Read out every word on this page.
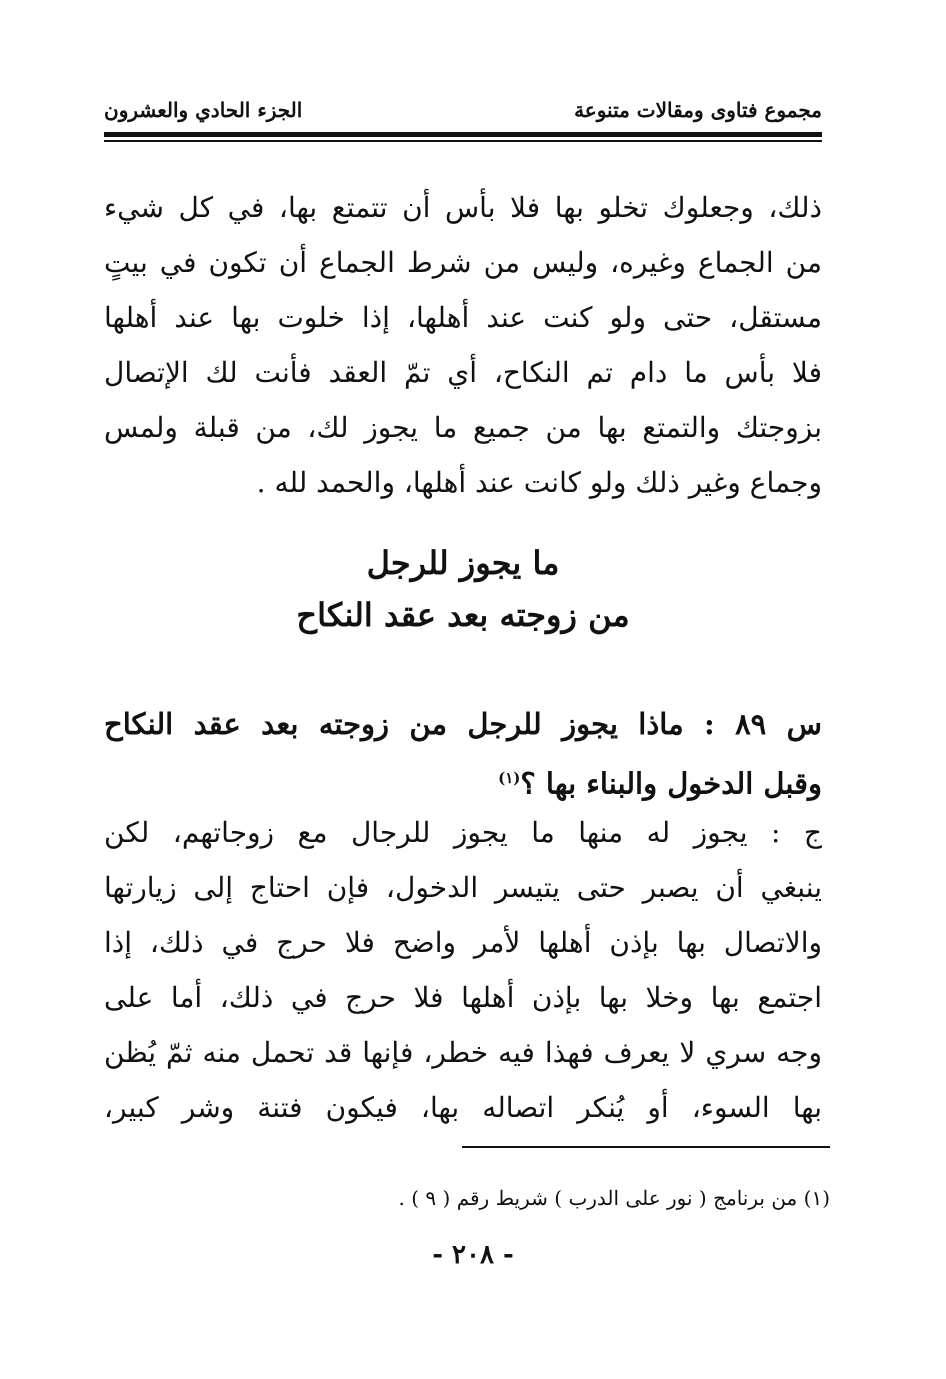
مجموع فتاوى ومقالات متنوعة
الجزء الحادي والعشرون
ذلك، وجعلوك تخلو بها فلا بأس أن تتمتع بها، في كل شيء
من الجماع وغيره، وليس من شرط الجماع أن تكون في بيتٍ
مستقل، حتى ولو كنت عند أهلها، إذا خلوت بها عند أهلها
فلا بأس ما دام تم النكاح، أي تمّ العقد فأنت لك الإتصال
بزوجتك والتمتع بها من جميع ما يجوز لك، من قبلة ولمس
وجماع وغير ذلك ولو كانت عند أهلها، والحمد لله .
ما يجوز للرجل
من زوجته بعد عقد النكاح
س ٨٩ : ماذا يجوز للرجل من زوجته بعد عقد النكاح
وقبل الدخول والبناء بها ؟$^{(١)}$
ج : يجوز له منها ما يجوز للرجال مع زوجاتهم، لكن
ينبغي أن يصبر حتى يتيسر الدخول، فإن احتاج إلى زيارتها
والاتصال بها بإذن أهلها لأمر واضح فلا حرج في ذلك، إذا
اجتمع بها وخلا بها بإذن أهلها فلا حرج في ذلك، أما على
وجه سري لا يعرف فهذا فيه خطر، فإنها قد تحمل منه ثمّ يُظن
بها السوء، أو يُنكر اتصاله بها، فيكون فتنة وشر كبير،
(١) من برنامج ( نور على الدرب ) شريط رقم ( ٩ ) .
- ٢٠٨ -
